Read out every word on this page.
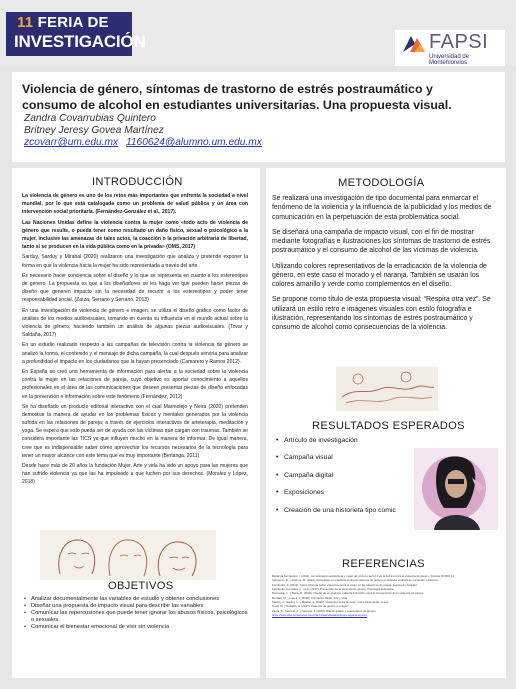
11 FERIA DE
INVESTIGACIÓN	FAPSI
Universidad de Montemorelos
Violencia de género, síntomas de trastorno de estrés postraumático y consumo de alcohol en estudiantes universitarias. Una propuesta visual.
Zandra Covarrubias Quintero
Britney Jeresy Govea Martínez
zcovarr@um.edu.mx 1160624@alumno.um.edu.mx
INTRODUCCIÓN

La violencia de género es uno de los retos más importantes que enfrenta la sociedad a nivel mundial, por lo que está catalogada como un problema de salud pública y un área con intervención social prioritaria. (Fernández-González et al., 2017).

Las Naciones Unidas define la violencia contra la mujer como «todo acto de violencia de género que resulte, o pueda tener como resultado un daño físico, sexual o psicológico a la mujer, inclusive las amenazas de tales actos, la coacción o la privación arbitraria de libertad, tanto si se producen en la vida pública como en la privada» (OMS, 2017)

Sarduy, Sarduy y Mirabal (2020) realizaron una investigación que analiza y pretende exponer la forma en que la violencia hacia la mujer ha sido representada a través del arte.

Es necesario hacer conciencia sobre el diseño y lo que se representa en cuanto a los estereotipos de género. La propuesta es que a los diseñadores se les haga ver que pueden hacer piezas de diseño que generen impacto sin la necesidad de recurrir a los estereotipos y poder tener responsabilidad social. (Zarza, Serrano y Serrano, 2013)

En una investigación de violencia de género e imagen, se utiliza el diseño gráfico como factor de análisis de los medios audiovisuales, tomando en cuenta su influencia en el mundo actual sobre la violencia de género, haciendo también un análisis de algunas piezas audiovisuales. (Tovar y Saldaña, 2017)

En un estudio realizado respecto a las campañas de televisión contra la violencia de género se analizó la forma, el contenido y el mensaje de dicha campaña, la cual después serviría para analizar a profundidad el impacto en los ciudadanos que la hayan presenciado (Camarero y Ramos 2012).

En España se creó una herramienta de información para alertar a la sociedad sobre la violencia contra la mujer en las relaciones de pareja, cuyo objetivo es aportar conocimiento a aquellos profesionales en el área de las comunicaciones que deseen presentar piezas de diseño enfocadas en la prevención e información sobre este fenómeno (Fernández, 2012)

Se ha diseñado un producto editorial interactivo con el cual Marmolejo y Neira (2020) pretenden demostrar la manera de ayudar en los problemas físicos y mentales generados por la violencia sufrida en las relaciones de pareja; a través de ejercicios interactivos de arteterapia, meditación y yoga. Se espera que esto pueda ser de ayuda con las víctimas que cargan con traumas. También se considera importante las TICS ya que influyen mucho en la manera de informar. De igual manera, cree que es indispensable saber cómo aprovechar los recursos necesarios de la tecnología para tener un mayor alcance con este tema que es muy importante (Berlanga, 2011)

Desde hace más de 20 años la fundación Mujer, Arte y vida ha sido un apoyo para las mujeres que han sufrido violencia ya que las ha impulsado a que luchen por sus derechos. (Morales y López, 2018)

OBJETIVOS
• Analizar documentalmente las variables de estudio y obtener conclusiones
• Diseñar una propuesta de impacto visual para describir las variables
• Comunicar las repercusiones que puede tener ignorar los abusos físicos, psicológicos o sexuales.
• Comunicar el bienestar emocional de vivir sin violencia
METODOLOGÍA

Se realizará una investigación de tipo documental para enmarcar el fenómeno de la violencia y la influencia de la publicidad y los medios de comunicación en la perpetuación de esta problemática social.

Se diseñará una campaña de impacto visual, con el fin de mostrar mediante fotografías e ilustraciones los síntomas de trastorno de estrés postraumático y el consumo de alcohol de las víctimas de violencia.

Utilizando colores representativos de la erradicación de la violencia de género, en este caso el morado y el naranja. También se usarán los colores amarillo y verde como complementos en el diseño.

Se propone como título de esta propuesta visual: “Respira otra vez”. Se utilizará un estilo retro e imágenes visuales con estilo fotografía e ilustración, representando los síntomas de estrés postraumático y consumo de alcohol como consecuencias de la violencia.

RESULTADOS ESPERADOS
• Artículo de investigación
• Campaña visual
• Campaña digital
• Exposiciones
• Creación de una historieta tipo comic
REFERENCIAS

Berlanga Fernández, I. (2011). Comunicación audiovisual y mujer. El rol de la web 2.0 en la lucha contra la violencia de género. Revista ICONO 14.

Camarero, E., y Ramos, M. (2012). Campañas en televisión contra la violencia de género en España. Análisis de contenido y discurso.

Fernández, A. (2012). Cómo informar sobre violencia contra la mujer en las relaciones de pareja. Gaceta de Sanidad.

Fernández-González, L., et al. (2017). Prevención de la violencia de género. Psicología Educativa.

Marmolejo, L. y Neira, D. (2020). Diseño de un producto editorial interactivo para la recuperación de la violencia de pareja.

Morales, M. y López, J. (2018). Fundación Mujer, Arte y Vida.

Sarduy, A., Sarduy, L. y Mirabal, A. (2020). Violencia contra la mujer, una mirada desde el arte.

Tovar, M. y Saldaña, A. (2017). Violencia de género e imagen.

Zarza, D., Serrano, A. y Serrano, J. (2013). Diseño gráfico y estereotipos de género.

https://www.who.int/es/news-room/fact-sheets/detail/violence-against-women
